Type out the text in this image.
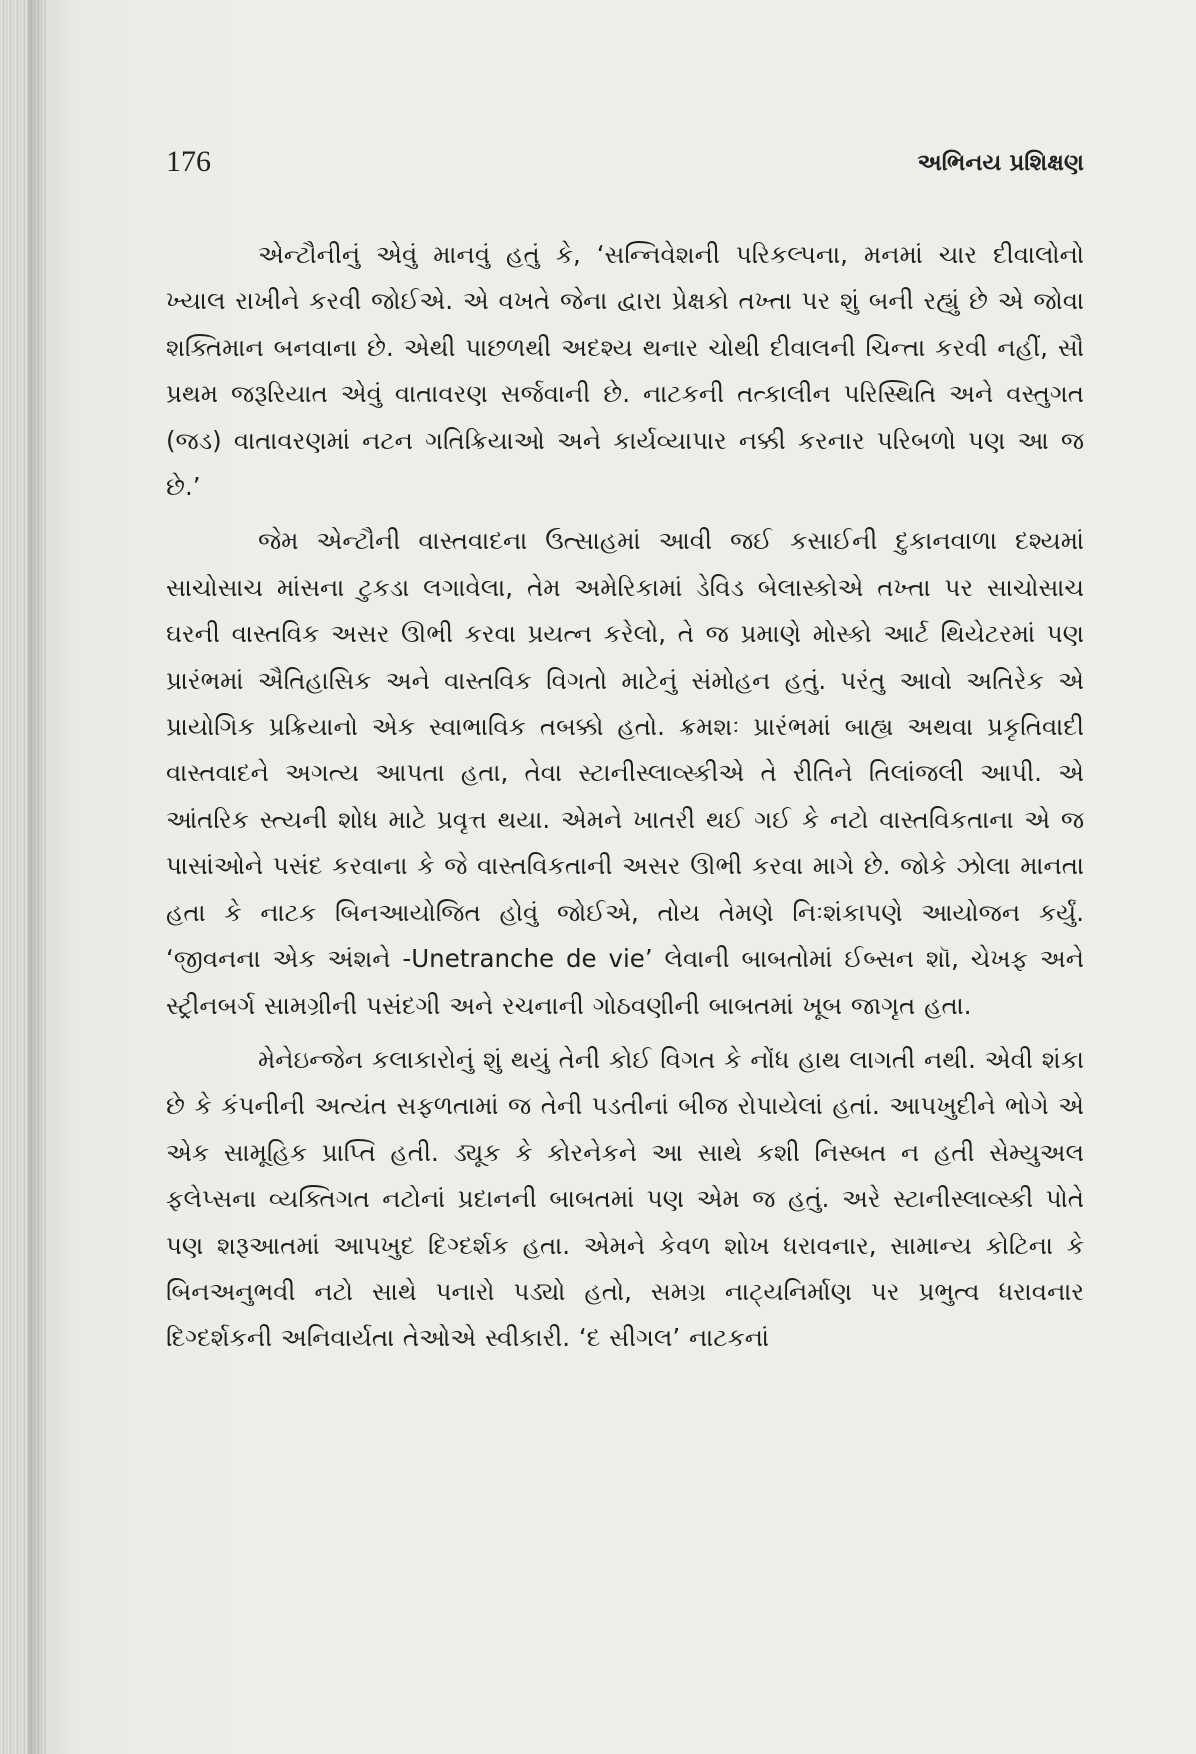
176	અભિનય પ્રશિક્ષણ

એન્ટૌનીનું એવું માનવું હતું કે, ‘સન્નિવેશની પરિકલ્પના, મનમાં ચાર દીવાલોનો ખ્યાલ રાખીને કરવી જોઈએ. એ વખતે જેના દ્વારા પ્રેક્ષકો તખ્તા પર શું બની રહ્યું છે એ જોવા શક્તિમાન બનવાના છે. એથી પાછળથી અદશ્ય થનાર ચોથી દીવાલની ચિન્તા કરવી નહીં, સૌ પ્રથમ જરૂરિયાત એવું વાતાવરણ સર્જવાની છે. નાટકની તત્કાલીન પરિસ્થિતિ અને વસ્તુગત (જડ) વાતાવરણમાં નટન ગતિક્રિયાઓ અને કાર્યવ્યાપાર નક્કી કરનાર પરિબળો પણ આ જ છે.’

જેમ એન્ટૌની વાસ્તવાદના ઉત્સાહમાં આવી જઈ કસાઈની દુકાનવાળા દશ્યમાં સાચોસાચ માંસના ટુકડા લગાવેલા, તેમ અમેરિકામાં ડેવિડ બેલાસ્કોએ તખ્તા પર સાચોસાચ ઘરની વાસ્તવિક અસર ઊભી કરવા પ્રયત્ન કરેલો, તે જ પ્રમાણે મોસ્કો આર્ટ થિયેટરમાં પણ પ્રારંભમાં ઐતિહાસિક અને વાસ્તવિક વિગતો માટેનું સંમોહન હતું. પરંતુ આવો અતિરેક એ પ્રાયોગિક પ્રક્રિયાનો એક સ્વાભાવિક તબક્કો હતો. ક્રમશઃ પ્રારંભમાં બાહ્ય અથવા પ્રકૃતિવાદી વાસ્તવાદને અગત્ય આપતા હતા, તેવા સ્ટાનીસ્લાવ્સ્કીએ તે રીતિને તિલાંજલી આપી. એ આંતરિક સ્ત્યની શોધ માટે પ્રવૃત્ત થયા. એમને ખાતરી થઈ ગઈ કે નટો વાસ્તવિકતાના એ જ પાસાંઓને પસંદ કરવાના કે જે વાસ્તવિકતાની અસર ઊભી કરવા માગે છે. જોકે ઝોલા માનતા હતા કે નાટક બિનઆયોજિત હોવું જોઈએ, તોય તેમણે નિઃશંકાપણે આયોજન કર્યું. ‘જીવનના એક અંશને -Unetranche de vie’ લેવાની બાબતોમાં ઈબ્સન શૉ, ચેખફ અને સ્ટ્રીનબર્ગ સામગ્રીની પસંદગી અને રચનાની ગોઠવણીની બાબતમાં ખૂબ જાગૃત હતા.

મેનેઇન્જેન કલાકારોનું શું થયું તેની કોઈ વિગત કે નોંધ હાથ લાગતી નથી. એવી શંકા છે કે કંપનીની અત્યંત સફળતામાં જ તેની પડતીનાં બીજ રોપાયેલાં હતાં. આપખુદીને ભોગે એ એક સામૂહિક પ્રાપ્તિ હતી. ડ્યૂક કે કોરનેકને આ સાથે કશી નિસ્બત ન હતી સેમ્યુઅલ ફલેપ્સના વ્યક્તિગત નટોનાં પ્રદાનની બાબતમાં પણ એમ જ હતું. અરે સ્ટાનીસ્લાવ્સ્કી પોતે પણ શરૂઆતમાં આપખુદ દિગ્દર્શક હતા. એમને કેવળ શોખ ધરાવનાર, સામાન્ય કોટિના કે બિનઅનુભવી નટો સાથે પનારો પડ્યો હતો, સમગ્ર નાટ્યનિર્માણ પર પ્રભુત્વ ધરાવનાર દિગ્દર્શકની અનિવાર્યતા તેઓએ સ્વીકારી. ‘દ સીગલ’ નાટકનાં
